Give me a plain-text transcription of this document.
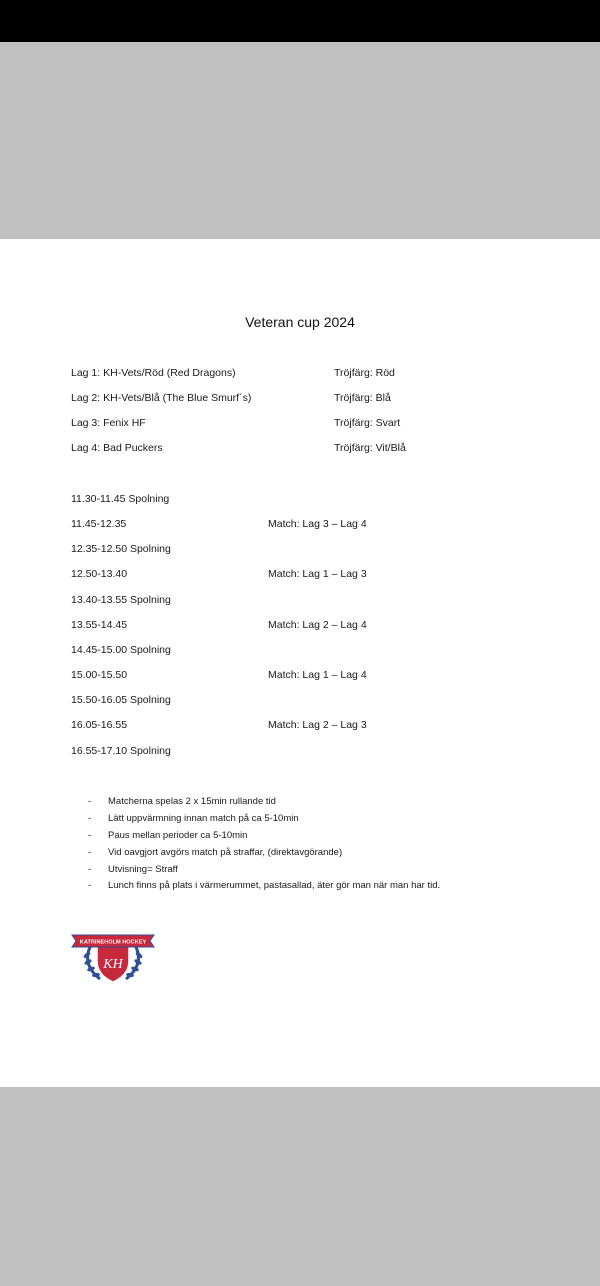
Veteran cup 2024
Lag 1: KH-Vets/Röd (Red Dragons)	Tröjfärg: Röd
Lag 2: KH-Vets/Blå (The Blue Smurf´s)	Tröjfärg: Blå
Lag 3: Fenix HF	Tröjfärg: Svart
Lag 4: Bad Puckers	Tröjfärg: Vit/Blå
11.30-11.45 Spolning
11.45-12.35	Match: Lag 3 – Lag 4
12.35-12.50 Spolning
12.50-13.40	Match: Lag 1 – Lag 3
13.40-13.55 Spolning
13.55-14.45	Match: Lag 2 – Lag 4
14.45-15.00 Spolning
15.00-15.50	Match: Lag 1 – Lag 4
15.50-16.05 Spolning
16.05-16.55	Match: Lag 2 – Lag 3
16.55-17.10 Spolning
- Matcherna spelas 2 x 15min rullande tid
- Lätt uppvärmning innan match på ca 5-10min
- Paus mellan perioder ca 5-10min
- Vid oavgjort avgörs match på straffar, (direktavgörande)
- Utvisning= Straff
- Lunch finns på plats i värmerummet, pastasallad, äter gör man när man har tid.
KH
KATRINEHOLM HOCKEY
